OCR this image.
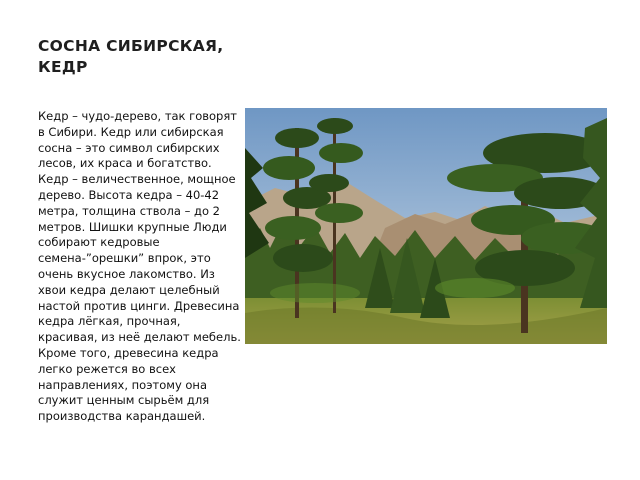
СОСНА СИБИРСКАЯ, КЕДР
Кедр – чудо-дерево, так говорят в Сибири. Кедр или сибирская сосна – это символ сибирских лесов, их краса и богатство. Кедр – величественное, мощное дерево. Высота кедра – 40-42 метра, толщина ствола – до 2 метров. Шишки крупные Люди собирают кедровые семена-”орешки” впрок, это очень вкусное лакомство. Из хвои кедра делают целебный настой против цинги. Древесина кедра лёгкая, прочная, красивая, из неё делают мебель. Кроме того, древесина кедра легко режется во всех направлениях, поэтому она служит ценным сырьём для производства карандашей.
